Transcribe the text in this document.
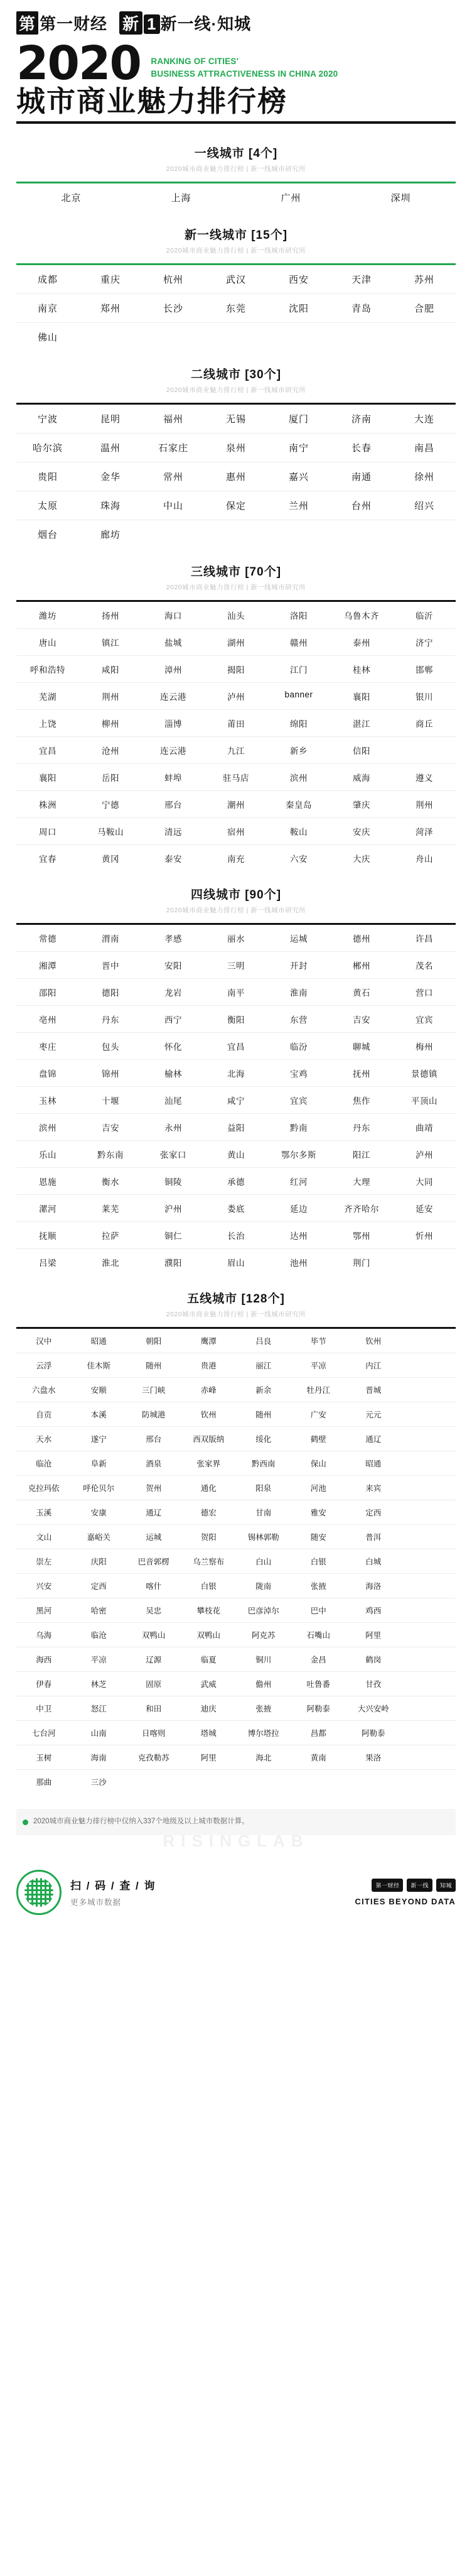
第 第一财经 新 1 新一线·知城
2020 RANKING OF CITIES'
BUSINESS ATTRACTIVENESS IN CHINA 2020
城市商业魅力排行榜
一线城市 [4个]
2020城市商业魅力排行榜 | 新一线城市研究所
北京	上海	广州	深圳
新一线城市 [15个]
2020城市商业魅力排行榜 | 新一线城市研究所
成都	重庆	杭州	武汉	西安	天津	苏州
南京	郑州	长沙	东莞	沈阳	青岛	合肥
佛山
二线城市 [30个]
2020城市商业魅力排行榜 | 新一线城市研究所
宁波	昆明	福州	无锡	厦门	济南	大连
哈尔滨	温州	石家庄	泉州	南宁	长春	南昌
贵阳	金华	常州	惠州	嘉兴	南通	徐州
太原	珠海	中山	保定	兰州	台州	绍兴
烟台	廊坊
三线城市 [70个]
2020城市商业魅力排行榜 | 新一线城市研究所
潍坊	扬州	海口	汕头	洛阳	乌鲁木齐	临沂
唐山	镇江	盐城	湖州	赣州	泰州	济宁
呼和浩特	咸阳	漳州	揭阳	江门	桂林	邯郸
芜湖	荆州	连云港	泸州	banner	襄阳	银川
上饶	柳州	淄博	莆田	绵阳	湛江	商丘
宜昌	沧州	连云港	九江	新乡	信阳
襄阳	岳阳	蚌埠	驻马店	滨州	威海	遵义
株洲	宁德	邢台	潮州	秦皇岛	肇庆	荆州
周口	马鞍山	清远	宿州	鞍山	安庆	菏泽
宜春	黄冈	泰安	南充	六安	大庆	舟山
四线城市 [90个]
2020城市商业魅力排行榜 | 新一线城市研究所
常德	渭南	孝感	丽水	运城	德州	许昌
湘潭	晋中	安阳	三明	开封	郴州	茂名
邵阳	德阳	龙岩	南平	淮南	黄石	营口
亳州	丹东	西宁	衡阳	东营	吉安	宜宾
枣庄	包头	怀化	宜昌	临汾	聊城	梅州
盘锦	锦州	榆林	北海	宝鸡	抚州	景德镇
玉林	十堰	汕尾	咸宁	宜宾	焦作	平顶山
滨州	吉安	永州	益阳	黔南	丹东	曲靖
乐山	黔东南	张家口	黄山	鄂尔多斯	阳江	泸州
恩施	衡水	铜陵	承德	红河	大理	大同
漯河	莱芜	沪州	娄底	延边	齐齐哈尔	延安
抚顺	拉萨	铜仁	长治	达州	鄂州	忻州
吕梁	淮北	濮阳	眉山	池州	荆门
五线城市 [128个]
2020城市商业魅力排行榜 | 新一线城市研究所
汉中	昭通	朝阳	鹰潭	吕良	毕节	钦州
云浮	佳木斯	随州	贵港	丽江	平凉	内江
六盘水	安顺	三门峡	赤峰	新余	牡丹江	晋城
自贡	本溪	防城港	钦州	随州	广安	元元
天水	遂宁	邢台	西双版纳	绥化	鹤壁	通辽
临沧	阜新	酒泉	张家界	黔西南	保山	昭通
克拉玛依	呼伦贝尔	贺州	通化	阳泉	河池	来宾
玉溪	安康	通辽	德宏	甘南	雅安	定西
文山	嘉峪关	运城	贺阳	锡林郭勒	随安	普洱
崇左	庆阳	巴音郭楞	乌兰察布	白山	白银	白城
兴安	定西	喀什	白银	陇南	张掖	海洛
黑河	哈密	吴忠	攀枝花	巴彦淖尔	巴中	鸡西
乌海	临沧	双鸭山	双鸭山	阿克苏	石嘴山	阿里
海西	平凉	辽源	临夏	铜川	金昌	鹤岗
伊春	林芝	固原	武威	儋州	吐鲁番	甘孜
中卫	怒江	和田	迪庆	张掖	阿勒泰	大兴安岭
七台河	山南	日喀则	塔城	博尔塔拉	昌都	阿勒泰
玉树	海南	克孜勒苏	阿里	海北	黄南	果洛
那曲	三沙
2020城市商业魅力排行榜中仅纳入337个地级及以上城市数据计算。
RISINGLAB
扫 / 码 / 查 / 询
更多城市数据
第一财经	新一线	知城
CITIES BEYOND DATA
